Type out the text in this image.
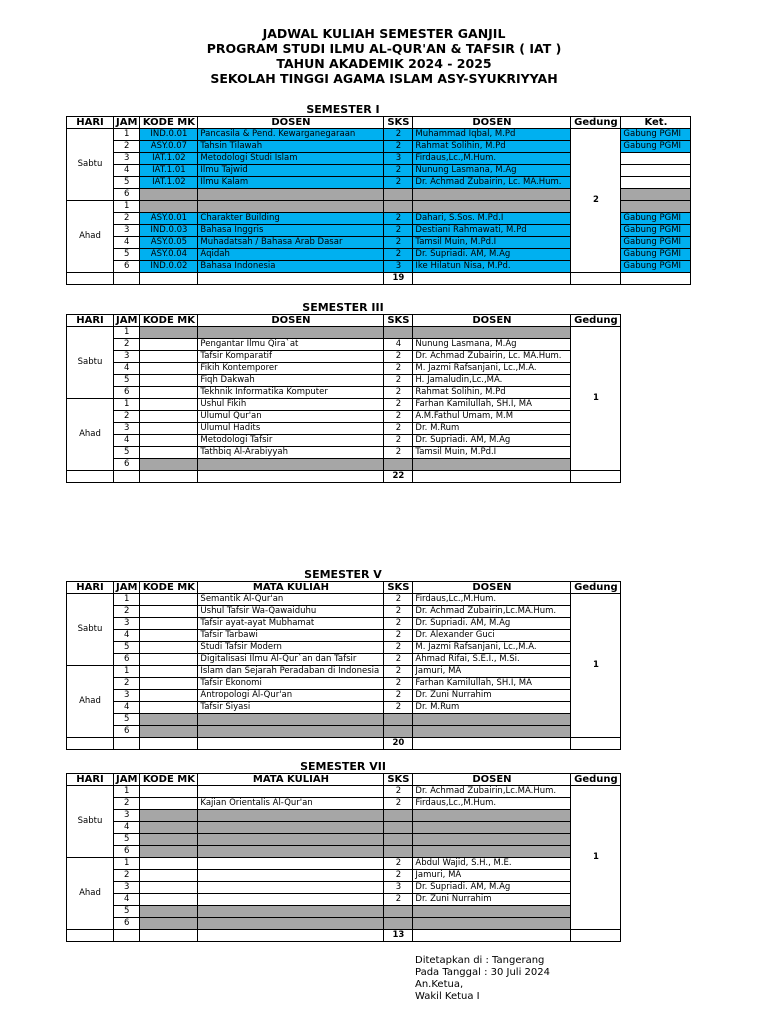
JADWAL KULIAH SEMESTER GANJIL
PROGRAM STUDI ILMU AL-QUR'AN & TAFSIR ( IAT )
TAHUN AKADEMIK 2024 - 2025
SEKOLAH TINGGI AGAMA ISLAM ASY-SYUKRIYYAH
SEMESTER I
HARI	JAM	KODE MK	DOSEN	SKS	DOSEN	Gedung	Ket.
Sabtu	1	IND.0.01	Pancasila & Pend. Kewarganegaraan	2	Muhammad Iqbal, M.Pd	2	Gabung PGMI
	2	ASY.0.07	Tahsin Tilawah	2	Rahmat Solihin, M.Pd		Gabung PGMI
	3	IAT.1.02	Metodologi Studi Islam	3	Firdaus,Lc.,M.Hum.		
	4	IAT.1.01	Ilmu Tajwid	2	Nunung Lasmana, M.Ag		
	5	IAT.1.02	Ilmu Kalam	2	Dr. Achmad Zubairin, Lc. MA.Hum.		
	6						
Ahad	1						
	2	ASY.0.01	Charakter Building	2	Dahari, S.Sos. M.Pd.I		Gabung PGMI
	3	IND.0.03	Bahasa Inggris	2	Destiani Rahmawati, M.Pd		Gabung PGMI
	4	ASY.0.05	Muhadatsah / Bahasa Arab Dasar	2	Tamsil Muin, M.Pd.I		Gabung PGMI
	5	ASY.0.04	Aqidah	2	Dr. Supriadi. AM, M.Ag		Gabung PGMI
	6	IND.0.02	Bahasa Indonesia	3	Ike Hilatun Nisa, M.Pd.		Gabung PGMI
				19			
SEMESTER III
HARI	JAM	KODE MK	DOSEN	SKS	DOSEN	Gedung
Sabtu	1					1
	2		Pengantar Ilmu Qira`at	4	Nunung Lasmana, M.Ag	
	3		Tafsir Komparatif	2	Dr. Achmad Zubairin, Lc. MA.Hum.	
	4		Fikih Kontemporer	2	M. Jazmi Rafsanjani, Lc.,M.A.	
	5		Fiqh Dakwah	2	H. Jamaludin,Lc.,MA.	
	6		Tekhnik Informatika Komputer	2	Rahmat Solihin, M.Pd	
Ahad	1		Ushul Fikih	2	Farhan Kamilullah, SH.I, MA	
	2		Ulumul Qur'an	2	A.M.Fathul Umam, M.M	
	3		Ulumul Hadits	2	Dr. M.Rum	
	4		Metodologi Tafsir	2	Dr. Supriadi. AM, M.Ag	
	5		Tathbiq Al-Arabiyyah	2	Tamsil Muin, M.Pd.I	
	6					
				22		
SEMESTER V
HARI	JAM	KODE MK	MATA KULIAH	SKS	DOSEN	Gedung
Sabtu	1		Semantik Al-Qur'an	2	Firdaus,Lc.,M.Hum.	1
	2		Ushul Tafsir Wa-Qawaiduhu	2	Dr. Achmad Zubairin,Lc.MA.Hum.	
	3		Tafsir ayat-ayat Mubhamat	2	Dr. Supriadi. AM, M.Ag	
	4		Tafsir Tarbawi	2	Dr. Alexander Guci	
	5		Studi Tafsir Modern	2	M. Jazmi Rafsanjani, Lc.,M.A.	
	6		Digitalisasi Ilmu Al-Qur`an dan Tafsir	2	Ahmad Rifai, S.E.I., M.Si.	
Ahad	1		Islam dan Sejarah Peradaban di Indonesia	2	Jamuri, MA	
	2		Tafsir Ekonomi	2	Farhan Kamilullah, SH.I, MA	
	3		Antropologi Al-Qur'an	2	Dr. Zuni Nurrahim	
	4		Tafsir Siyasi	2	Dr. M.Rum	
	5					
	6					
				20		
SEMESTER VII
HARI	JAM	KODE MK	MATA KULIAH	SKS	DOSEN	Gedung
Sabtu	1			2	Dr. Achmad Zubairin,Lc.MA.Hum.	1
	2		Kajian Orientalis Al-Qur'an	2	Firdaus,Lc.,M.Hum.	
	3					
	4					
	5					
	6					
Ahad	1			2	Abdul Wajid, S.H., M.E.	
	2			2	Jamuri, MA	
	3			3	Dr. Supriadi. AM, M.Ag	
	4			2	Dr. Zuni Nurrahim	
	5					
	6					
				13		
Ditetapkan di : Tangerang
Pada Tanggal : 30 Juli 2024
An.Ketua,
Wakil Ketua I
